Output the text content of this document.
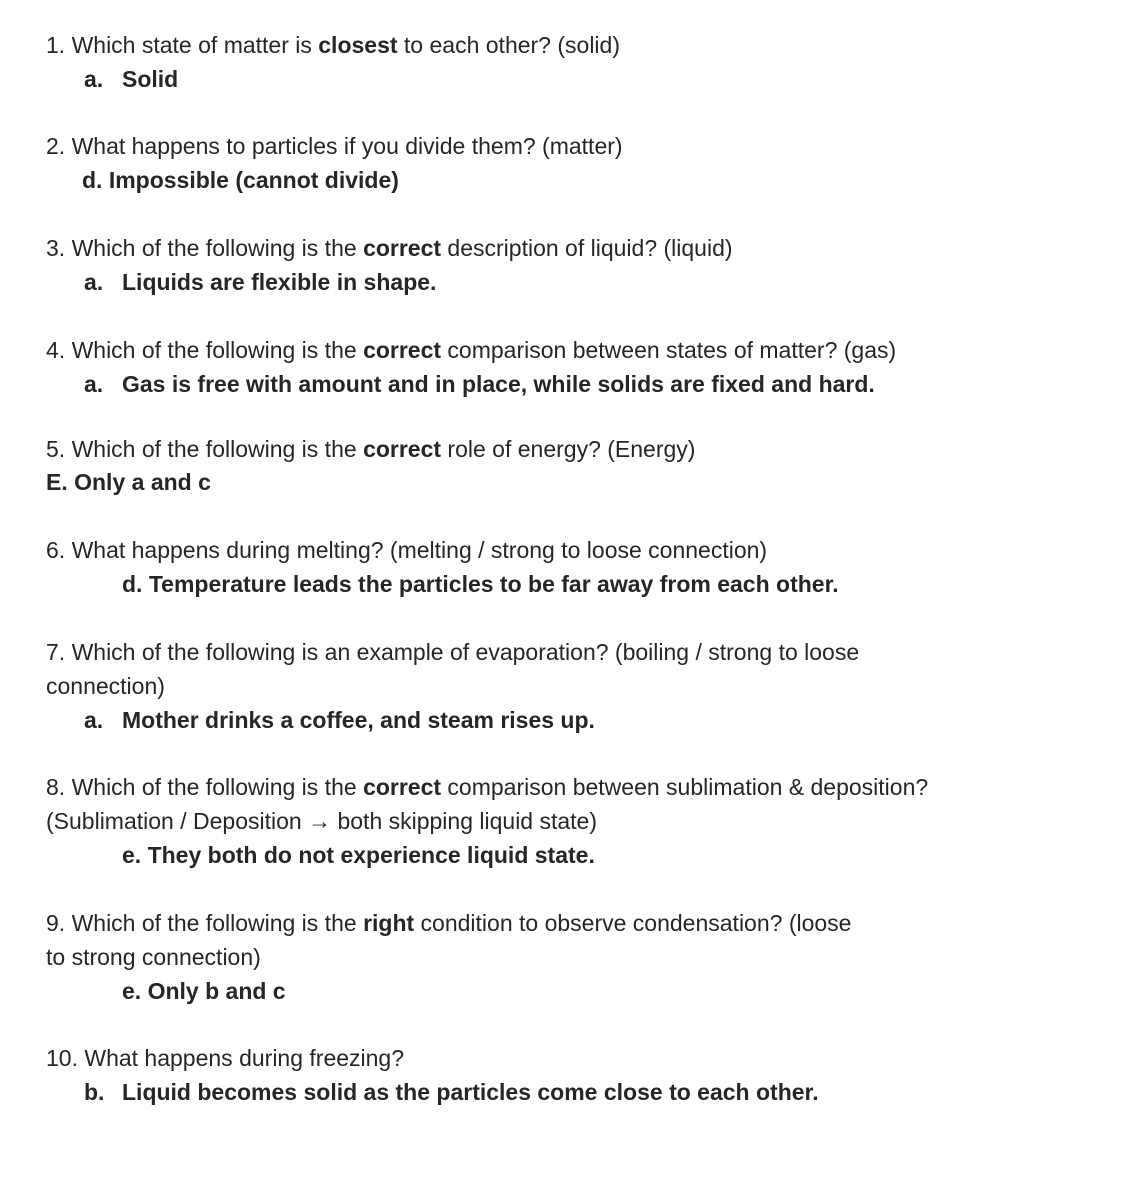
1. Which state of matter is closest to each other? (solid)
a. Solid
2. What happens to particles if you divide them? (matter)
d. Impossible (cannot divide)
3. Which of the following is the correct description of liquid? (liquid)
a. Liquids are flexible in shape.
4. Which of the following is the correct comparison between states of matter? (gas)
a. Gas is free with amount and in place, while solids are fixed and hard.
5. Which of the following is the correct role of energy? (Energy)
E. Only a and c
6. What happens during melting? (melting / strong to loose connection)
d. Temperature leads the particles to be far away from each other.
7. Which of the following is an example of evaporation? (boiling / strong to loose connection)
a. Mother drinks a coffee, and steam rises up.
8. Which of the following is the correct comparison between sublimation & deposition? (Sublimation / Deposition → both skipping liquid state)
e. They both do not experience liquid state.
9. Which of the following is the right condition to observe condensation? (loose to strong connection)
e. Only b and c
10. What happens during freezing?
b. Liquid becomes solid as the particles come close to each other.
